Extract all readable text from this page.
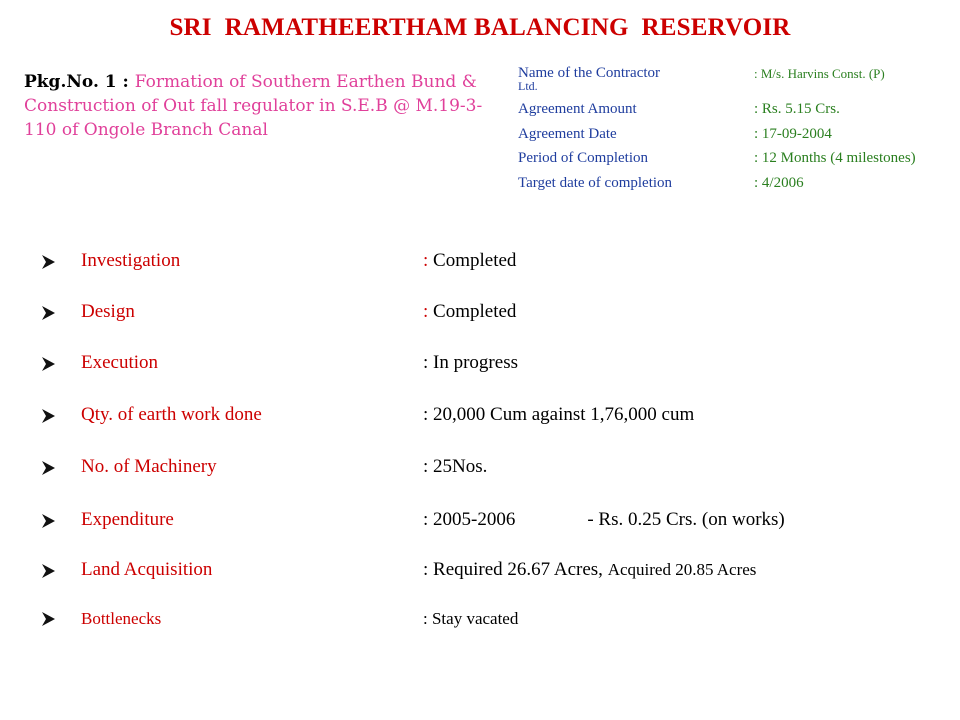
SRI  RAMATHEERTHAM BALANCING  RESERVOIR
Pkg.No. 1 : Formation of Southern Earthen Bund & Construction of Out fall regulator in S.E.B @ M.19-3-110 of Ongole Branch Canal
Name of the Contractor	: M/s. Harvins Const. (P)
Ltd.
Agreement Amount	: Rs. 5.15 Crs.
Agreement Date	: 17-09-2004
Period of Completion	: 12 Months (4 milestones)
Target date of completion	: 4/2006
Investigation	: Completed
Design	: Completed
Execution	: In progress
Qty. of earth work done	: 20,000 Cum against 1,76,000 cum
No. of Machinery	: 25Nos.
Expenditure	: 2005-2006	- Rs. 0.25 Crs. (on works)
Land Acquisition	: Required 26.67 Acres, Acquired 20.85 Acres
Bottlenecks	: Stay vacated
